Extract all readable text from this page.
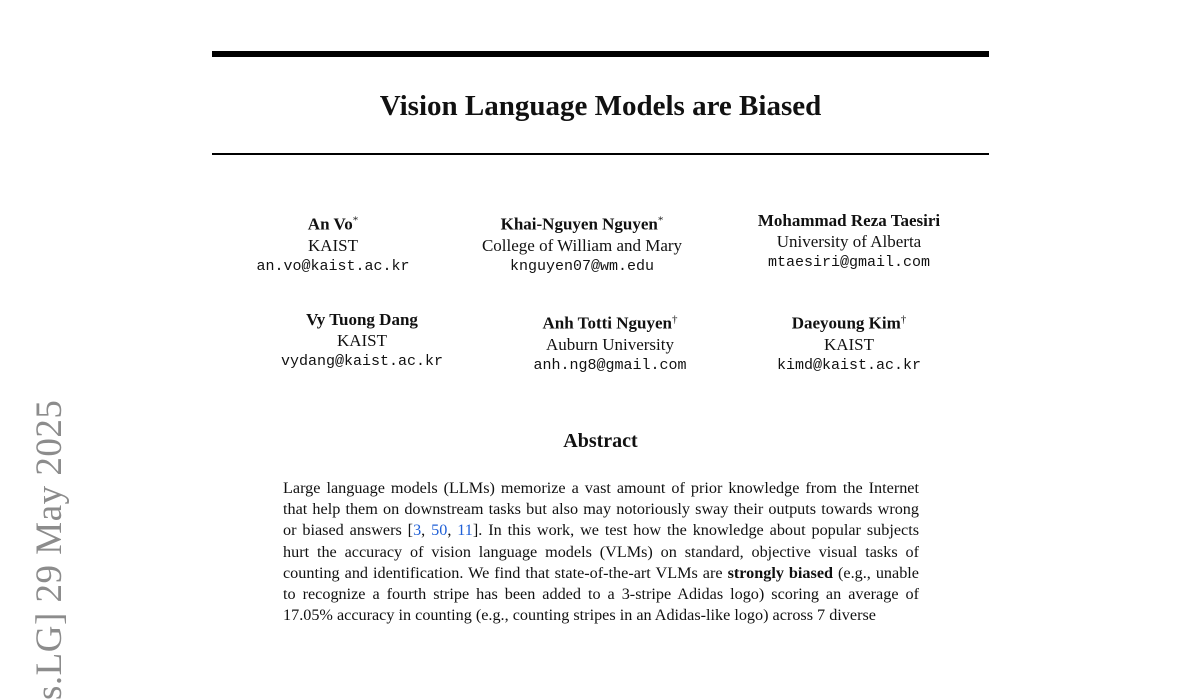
Vision Language Models are Biased
An Vo*
KAIST
an.vo@kaist.ac.kr
Khai-Nguyen Nguyen*
College of William and Mary
knguyen07@wm.edu
Mohammad Reza Taesiri
University of Alberta
mtaesiri@gmail.com
Vy Tuong Dang
KAIST
vydang@kaist.ac.kr
Anh Totti Nguyen†
Auburn University
anh.ng8@gmail.com
Daeyoung Kim†
KAIST
kimd@kaist.ac.kr
Abstract
Large language models (LLMs) memorize a vast amount of prior knowledge from the Internet that help them on downstream tasks but also may notoriously sway their outputs towards wrong or biased answers [3, 50, 11]. In this work, we test how the knowledge about popular subjects hurt the accuracy of vision language models (VLMs) on standard, objective visual tasks of counting and identification. We find that state-of-the-art VLMs are strongly biased (e.g., unable to recognize a fourth stripe has been added to a 3-stripe Adidas logo) scoring an average of 17.05% accuracy in counting (e.g., counting stripes in an Adidas-like logo) across 7 diverse
s.LG] 29 May 2025
